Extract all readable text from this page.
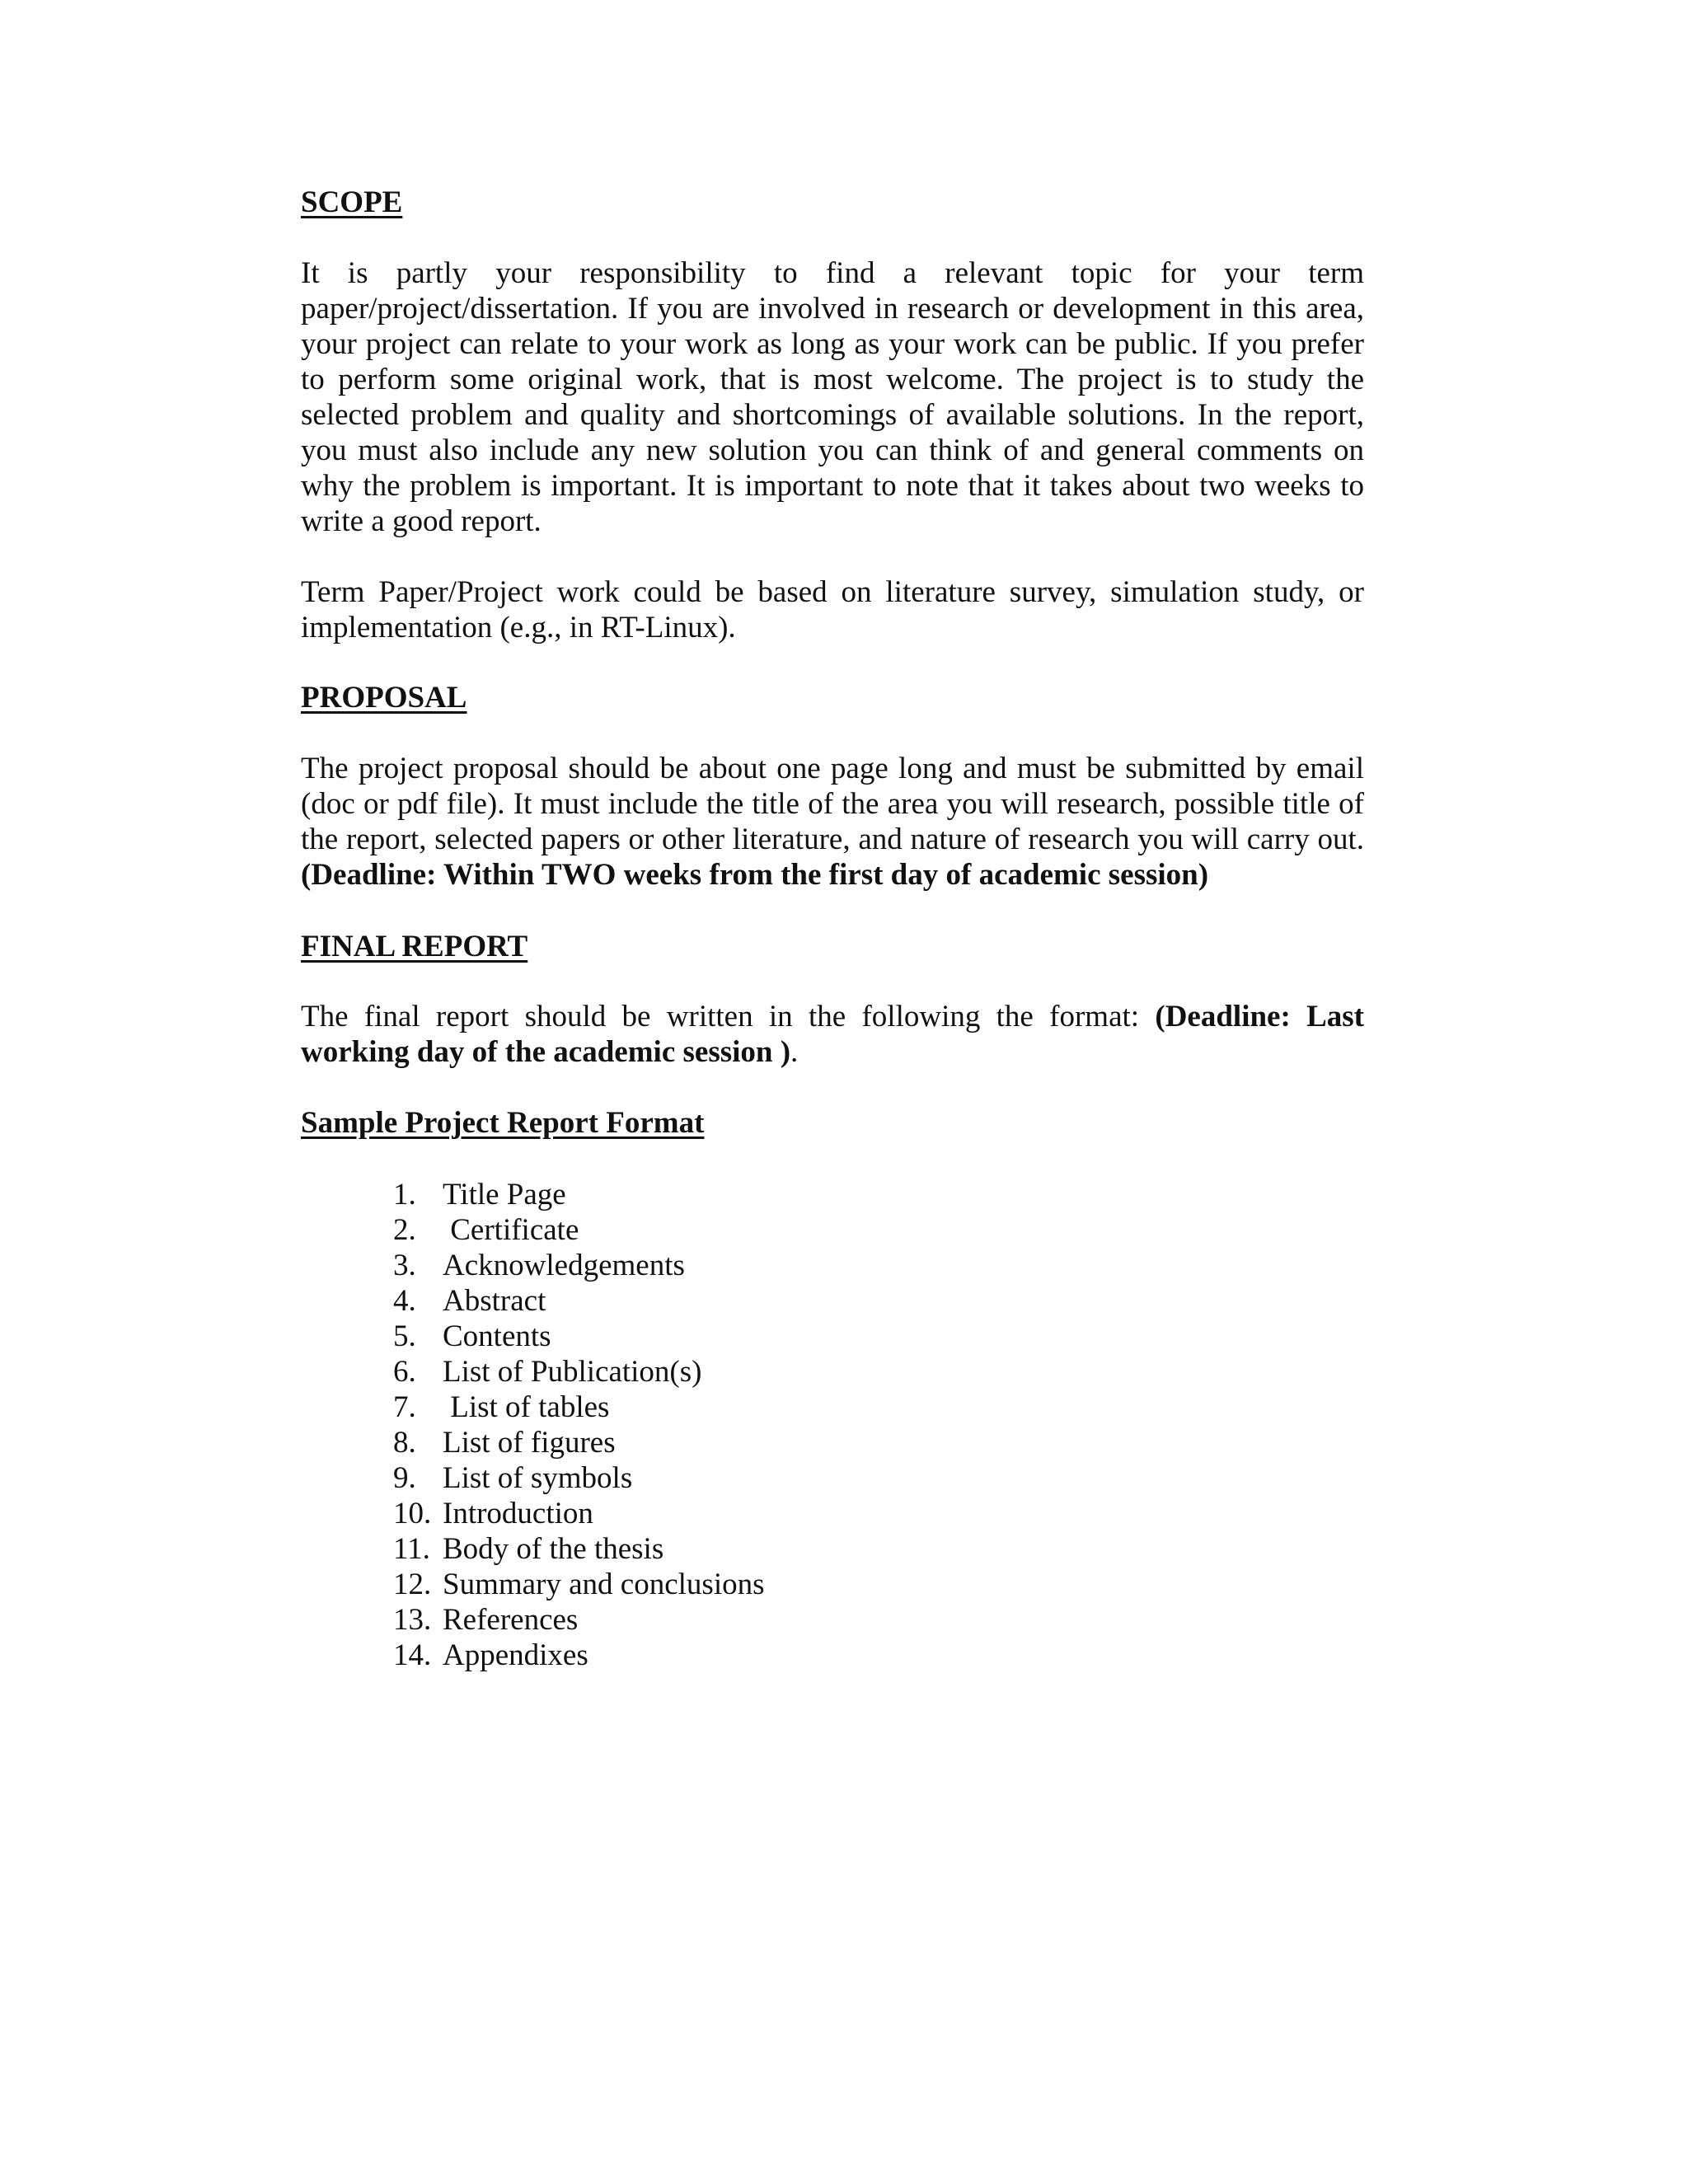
SCOPE

It is partly your responsibility to find a relevant topic for your term paper/project/dissertation. If you are involved in research or development in this area, your project can relate to your work as long as your work can be public. If you prefer to perform some original work, that is most welcome. The project is to study the selected problem and quality and shortcomings of available solutions. In the report, you must also include any new solution you can think of and general comments on why the problem is important. It is important to note that it takes about two weeks to write a good report.

Term Paper/Project work could be based on literature survey, simulation study, or implementation (e.g., in RT-Linux).

PROPOSAL

The project proposal should be about one page long and must be submitted by email (doc or pdf file). It must include the title of the area you will research, possible title of the report, selected papers or other literature, and nature of research you will carry out. (Deadline: Within TWO weeks from the first day of academic session)

FINAL REPORT

The final report should be written in the following the format: (Deadline: Last working day of the academic session ).

Sample Project Report Format
1. Title Page
2. Certificate
3. Acknowledgements
4. Abstract
5. Contents
6. List of Publication(s)
7. List of tables
8. List of figures
9. List of symbols
10. Introduction
11. Body of the thesis
12. Summary and conclusions
13. References
14. Appendixes
